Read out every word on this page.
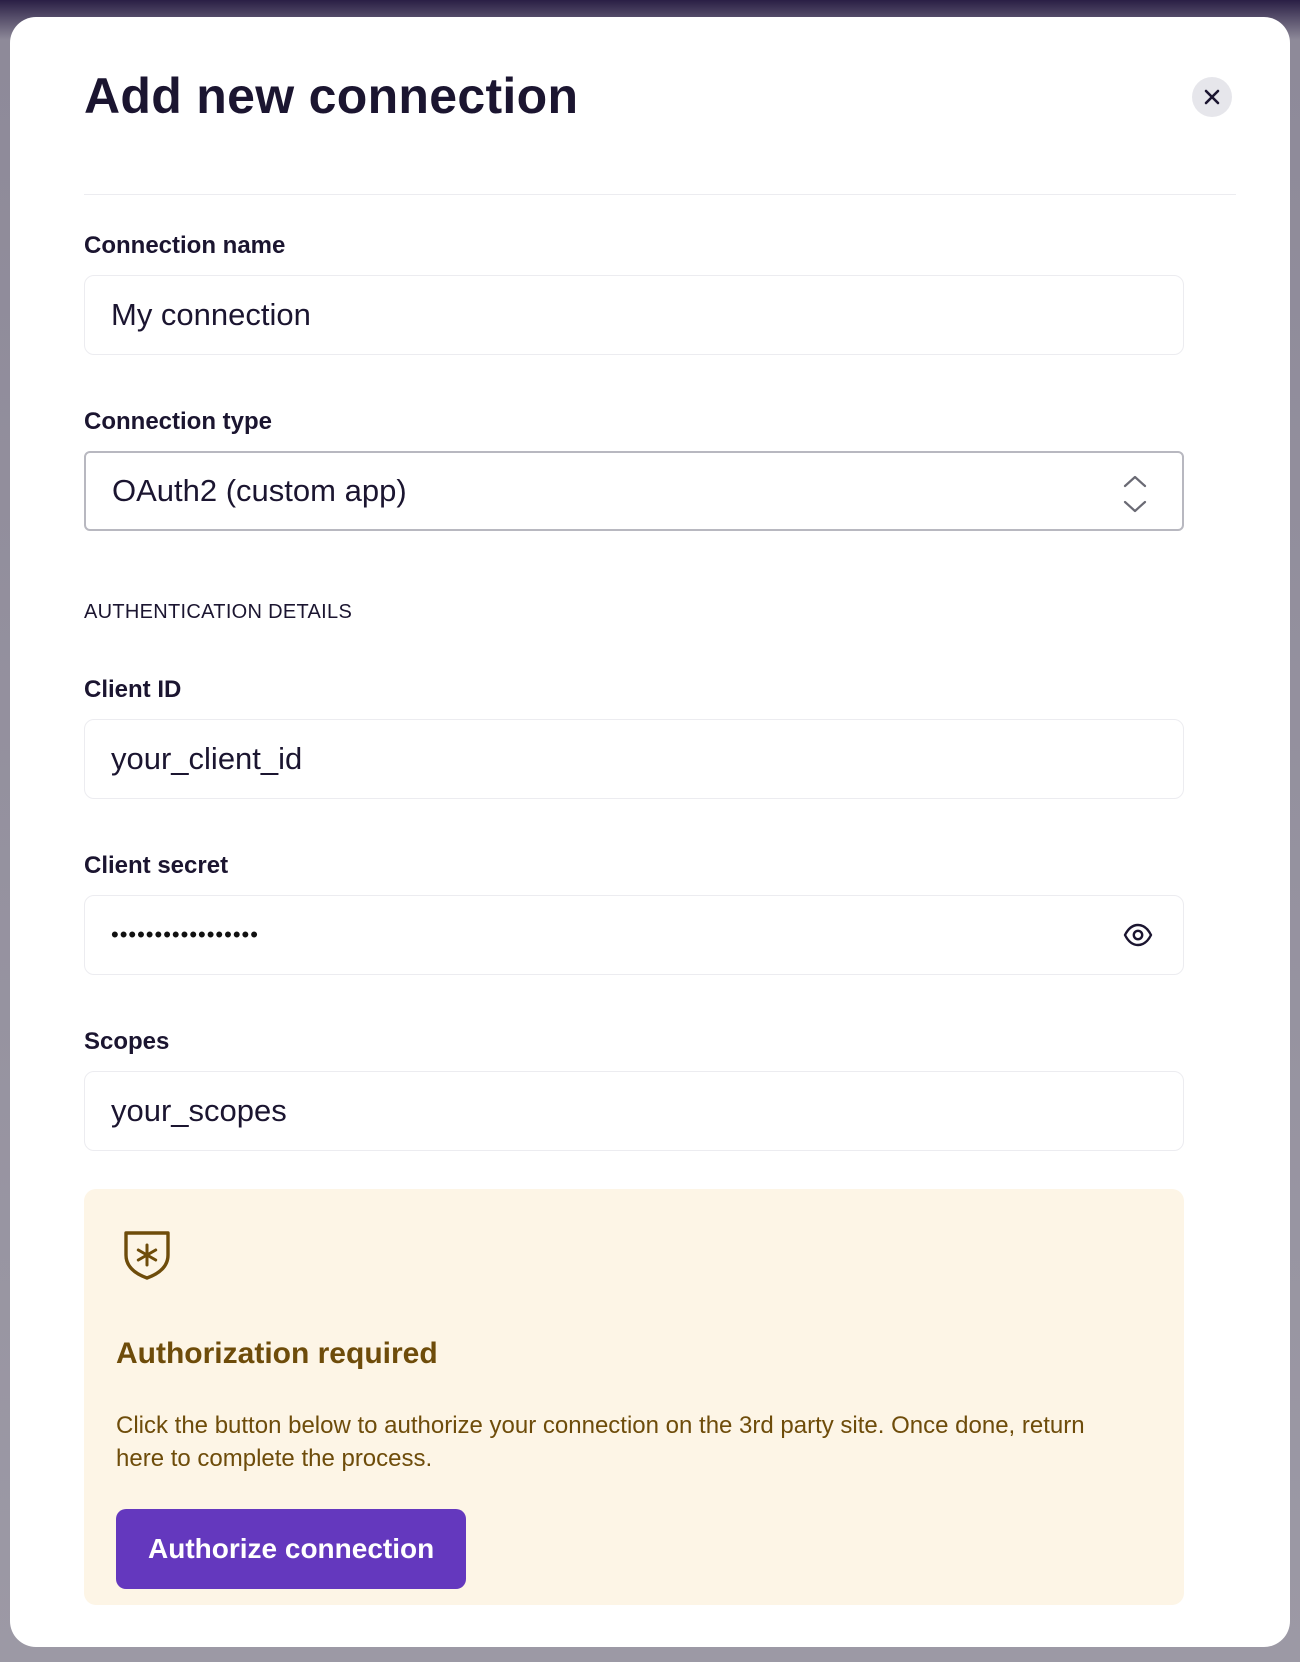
Add new connection
Connection name
My connection
Connection type
OAuth2 (custom app)
AUTHENTICATION DETAILS
Client ID
your_client_id
Client secret
•••••••••••••••••
Scopes
your_scopes
Authorization required

Click the button below to authorize your connection on the 3rd party site. Once done, return here to complete the process.

Authorize connection
